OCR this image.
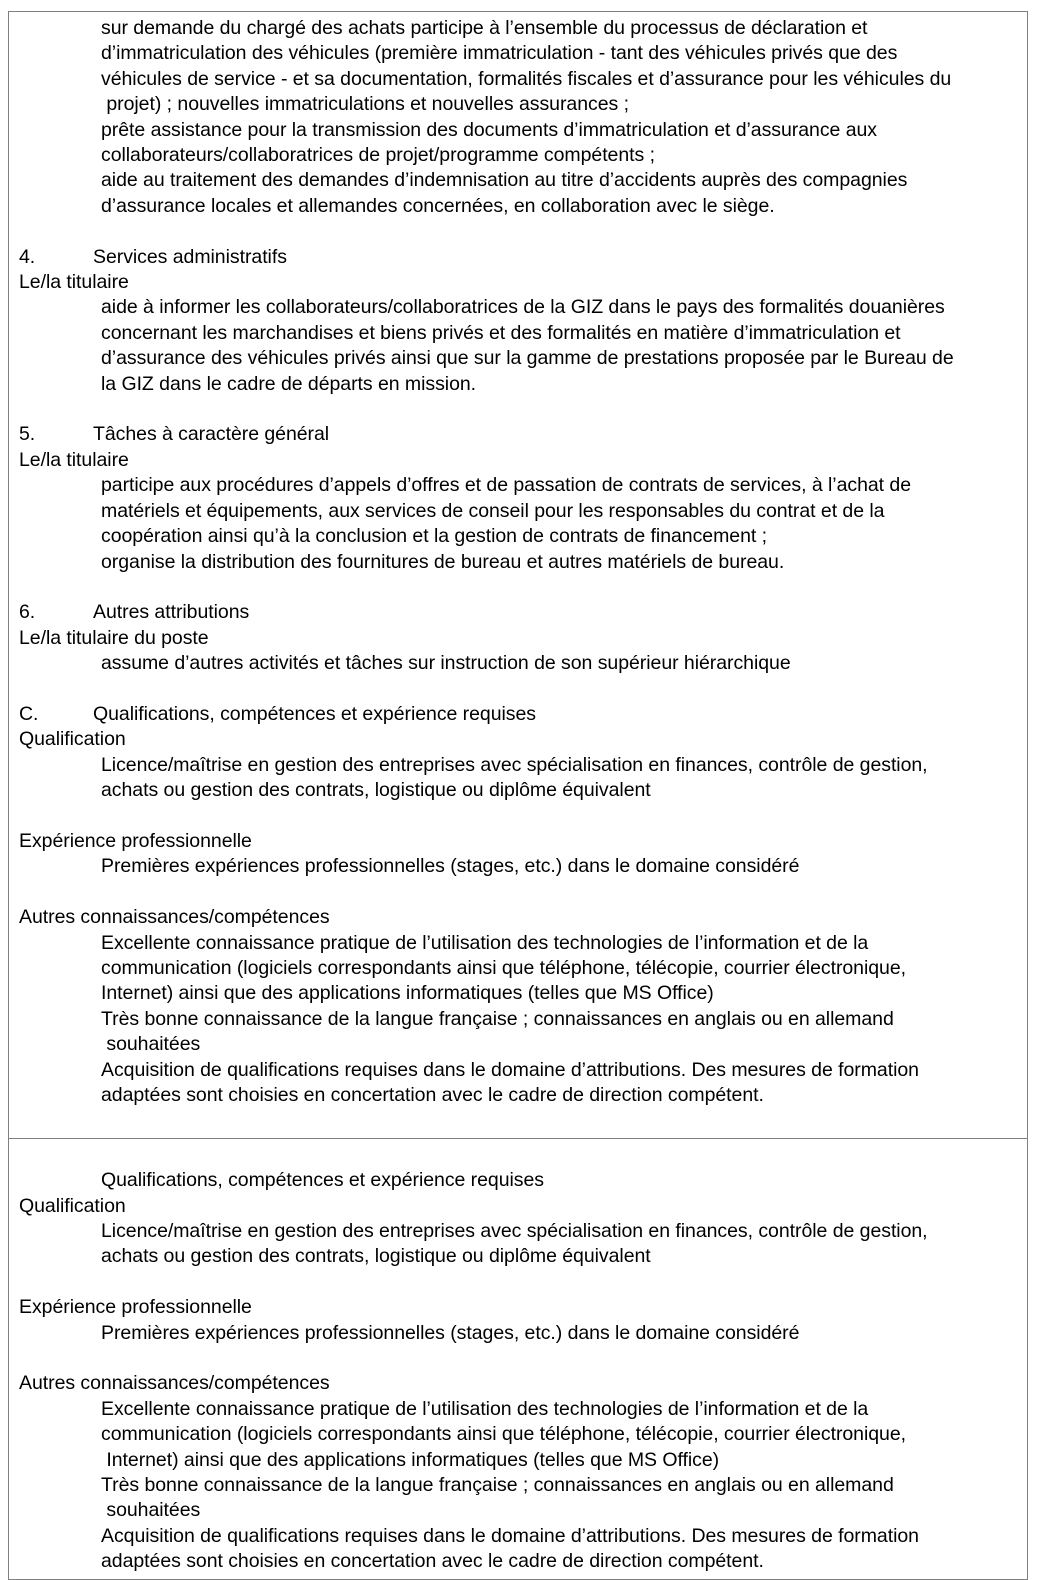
sur demande du chargé des achats participe à l’ensemble du processus de déclaration et
d’immatriculation des véhicules (première immatriculation - tant des véhicules privés que des
véhicules de service - et sa documentation, formalités fiscales et d’assurance pour les véhicules du
projet) ; nouvelles immatriculations et nouvelles assurances ;
prête assistance pour la transmission des documents d’immatriculation et d’assurance aux
collaborateurs/collaboratrices de projet/programme compétents ;
aide au traitement des demandes d’indemnisation au titre d’accidents auprès des compagnies
d’assurance locales et allemandes concernées, en collaboration avec le siège.
4.	Services administratifs
Le/la titulaire
aide à informer les collaborateurs/collaboratrices de la GIZ dans le pays des formalités douanières
concernant les marchandises et biens privés et des formalités en matière d’immatriculation et
d’assurance des véhicules privés ainsi que sur la gamme de prestations proposée par le Bureau de
la GIZ dans le cadre de départs en mission.
5.	Tâches à caractère général
Le/la titulaire
participe aux procédures d’appels d’offres et de passation de contrats de services, à l’achat de
matériels et équipements, aux services de conseil pour les responsables du contrat et de la
coopération ainsi qu’à la conclusion et la gestion de contrats de financement ;
organise la distribution des fournitures de bureau et autres matériels de bureau.
6.	Autres attributions
Le/la titulaire du poste
assume d’autres activités et tâches sur instruction de son supérieur hiérarchique
C.	Qualifications, compétences et expérience requises
Qualification
Licence/maîtrise en gestion des entreprises avec spécialisation en finances, contrôle de gestion,
achats ou gestion des contrats, logistique ou diplôme équivalent
Expérience professionnelle
Premières expériences professionnelles (stages, etc.) dans le domaine considéré
Autres connaissances/compétences
Excellente connaissance pratique de l’utilisation des technologies de l’information et de la
communication (logiciels correspondants ainsi que téléphone, télécopie, courrier électronique,
Internet) ainsi que des applications informatiques (telles que MS Office)
Très bonne connaissance de la langue française ; connaissances en anglais ou en allemand
souhaitées
Acquisition de qualifications requises dans le domaine d’attributions. Des mesures de formation
adaptées sont choisies en concertation avec le cadre de direction compétent.
Qualifications, compétences et expérience requises
Qualification
Licence/maîtrise en gestion des entreprises avec spécialisation en finances, contrôle de gestion,
achats ou gestion des contrats, logistique ou diplôme équivalent
Expérience professionnelle
Premières expériences professionnelles (stages, etc.) dans le domaine considéré
Autres connaissances/compétences
Excellente connaissance pratique de l’utilisation des technologies de l’information et de la
communication (logiciels correspondants ainsi que téléphone, télécopie, courrier électronique,
Internet) ainsi que des applications informatiques (telles que MS Office)
Très bonne connaissance de la langue française ; connaissances en anglais ou en allemand
souhaitées
Acquisition de qualifications requises dans le domaine d’attributions. Des mesures de formation
adaptées sont choisies en concertation avec le cadre de direction compétent.
